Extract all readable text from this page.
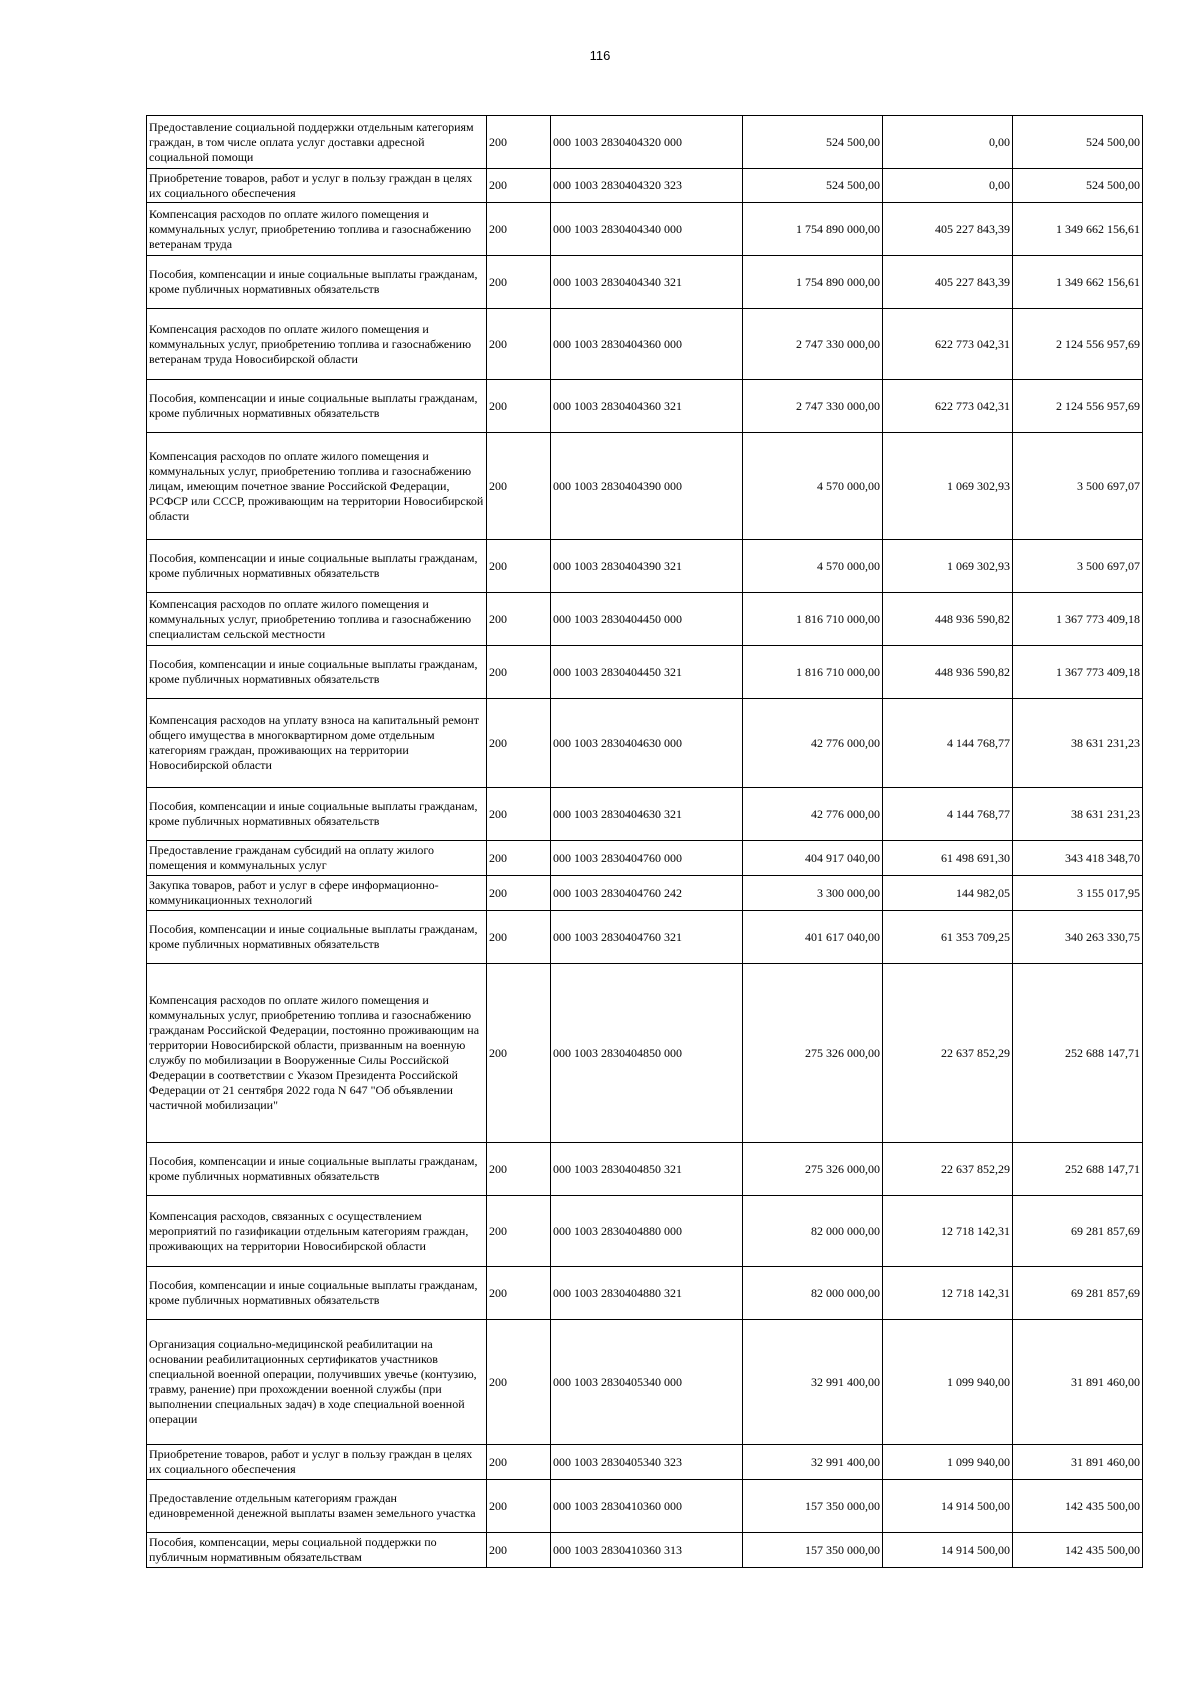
116
Предоставление социальной поддержки отдельным категориям граждан, в том числе оплата услуг доставки адресной социальной помощи	200	000 1003 2830404320 000	524 500,00	0,00	524 500,00
Приобретение товаров, работ и услуг в пользу граждан в целях их социального обеспечения	200	000 1003 2830404320 323	524 500,00	0,00	524 500,00
Компенсация расходов по оплате жилого помещения и коммунальных услуг, приобретению топлива и газоснабжению ветеранам труда	200	000 1003 2830404340 000	1 754 890 000,00	405 227 843,39	1 349 662 156,61
Пособия, компенсации и иные социальные выплаты гражданам, кроме публичных нормативных обязательств	200	000 1003 2830404340 321	1 754 890 000,00	405 227 843,39	1 349 662 156,61
Компенсация расходов по оплате жилого помещения и коммунальных услуг, приобретению топлива и газоснабжению ветеранам труда Новосибирской области	200	000 1003 2830404360 000	2 747 330 000,00	622 773 042,31	2 124 556 957,69
Пособия, компенсации и иные социальные выплаты гражданам, кроме публичных нормативных обязательств	200	000 1003 2830404360 321	2 747 330 000,00	622 773 042,31	2 124 556 957,69
Компенсация расходов по оплате жилого помещения и коммунальных услуг, приобретению топлива и газоснабжению лицам, имеющим почетное звание Российской Федерации, РСФСР или СССР, проживающим на территории Новосибирской области	200	000 1003 2830404390 000	4 570 000,00	1 069 302,93	3 500 697,07
Пособия, компенсации и иные социальные выплаты гражданам, кроме публичных нормативных обязательств	200	000 1003 2830404390 321	4 570 000,00	1 069 302,93	3 500 697,07
Компенсация расходов по оплате жилого помещения и коммунальных услуг, приобретению топлива и газоснабжению специалистам сельской местности	200	000 1003 2830404450 000	1 816 710 000,00	448 936 590,82	1 367 773 409,18
Пособия, компенсации и иные социальные выплаты гражданам, кроме публичных нормативных обязательств	200	000 1003 2830404450 321	1 816 710 000,00	448 936 590,82	1 367 773 409,18
Компенсация расходов на уплату взноса на капитальный ремонт общего имущества в многоквартирном доме отдельным категориям граждан, проживающих на территории Новосибирской области	200	000 1003 2830404630 000	42 776 000,00	4 144 768,77	38 631 231,23
Пособия, компенсации и иные социальные выплаты гражданам, кроме публичных нормативных обязательств	200	000 1003 2830404630 321	42 776 000,00	4 144 768,77	38 631 231,23
Предоставление гражданам субсидий на оплату жилого помещения и коммунальных услуг	200	000 1003 2830404760 000	404 917 040,00	61 498 691,30	343 418 348,70
Закупка товаров, работ и услуг в сфере информационно-коммуникационных технологий	200	000 1003 2830404760 242	3 300 000,00	144 982,05	3 155 017,95
Пособия, компенсации и иные социальные выплаты гражданам, кроме публичных нормативных обязательств	200	000 1003 2830404760 321	401 617 040,00	61 353 709,25	340 263 330,75
Компенсация расходов по оплате жилого помещения и коммунальных услуг, приобретению топлива и газоснабжению гражданам Российской Федерации, постоянно проживающим на территории Новосибирской области, призванным на военную службу по мобилизации в Вооруженные Силы Российской Федерации в соответствии с Указом Президента Российской Федерации от 21 сентября 2022 года N 647 "Об объявлении частичной мобилизации"	200	000 1003 2830404850 000	275 326 000,00	22 637 852,29	252 688 147,71
Пособия, компенсации и иные социальные выплаты гражданам, кроме публичных нормативных обязательств	200	000 1003 2830404850 321	275 326 000,00	22 637 852,29	252 688 147,71
Компенсация расходов, связанных с осуществлением мероприятий по газификации отдельным категориям граждан, проживающих на территории Новосибирской области	200	000 1003 2830404880 000	82 000 000,00	12 718 142,31	69 281 857,69
Пособия, компенсации и иные социальные выплаты гражданам, кроме публичных нормативных обязательств	200	000 1003 2830404880 321	82 000 000,00	12 718 142,31	69 281 857,69
Организация социально-медицинской реабилитации на основании реабилитационных сертификатов участников специальной военной операции, получивших увечье (контузию, травму, ранение) при прохождении военной службы (при выполнении специальных задач) в ходе специальной военной операции	200	000 1003 2830405340 000	32 991 400,00	1 099 940,00	31 891 460,00
Приобретение товаров, работ и услуг в пользу граждан в целях их социального обеспечения	200	000 1003 2830405340 323	32 991 400,00	1 099 940,00	31 891 460,00
Предоставление отдельным категориям граждан единовременной денежной выплаты взамен земельного участка	200	000 1003 2830410360 000	157 350 000,00	14 914 500,00	142 435 500,00
Пособия, компенсации, меры социальной поддержки по публичным нормативным обязательствам	200	000 1003 2830410360 313	157 350 000,00	14 914 500,00	142 435 500,00
